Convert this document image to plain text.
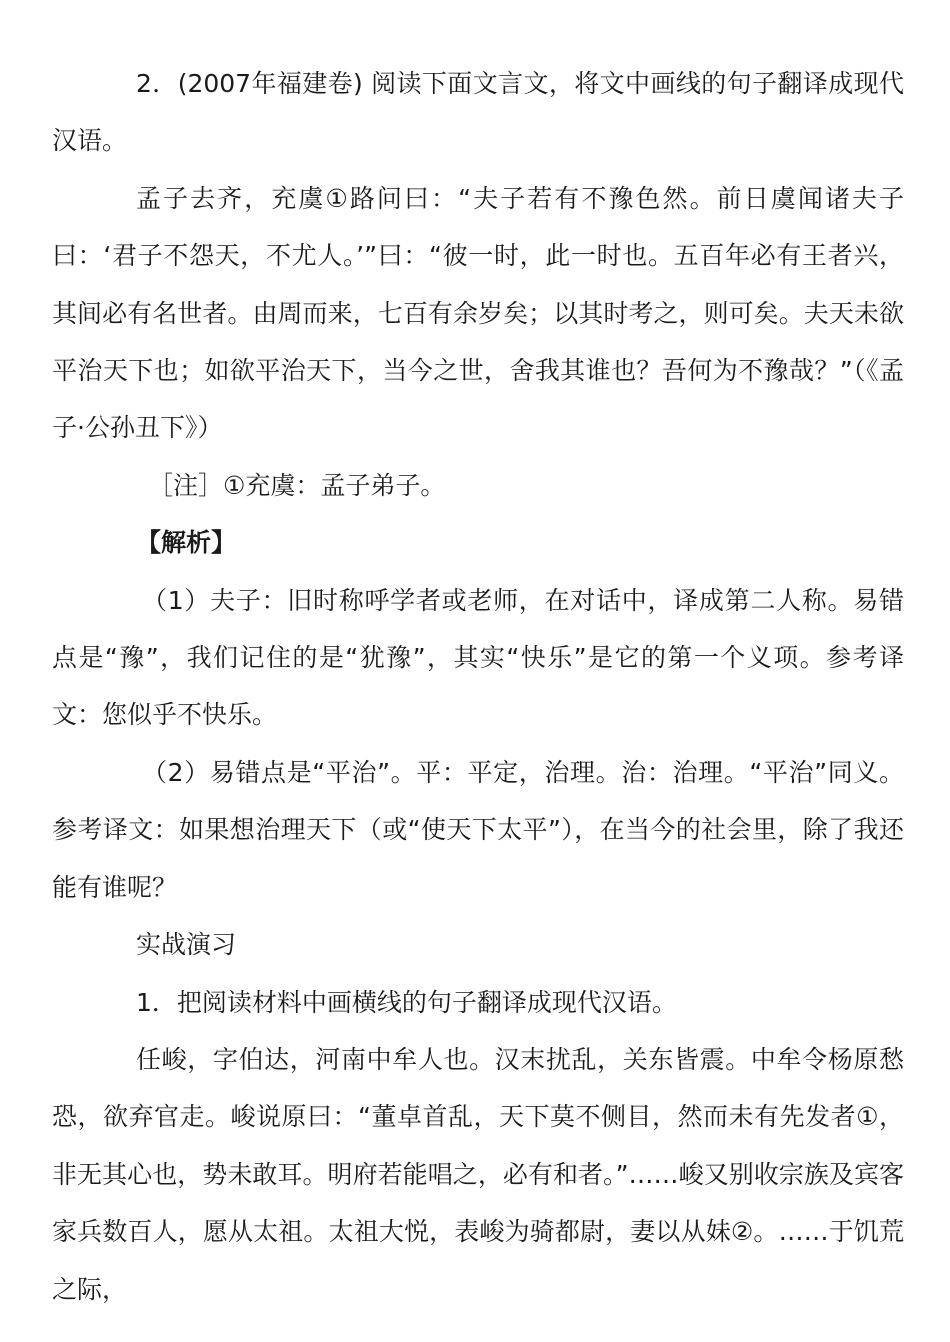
2．(2007年福建卷) 阅读下面文言文，将文中画线的句子翻译成现代汉语。

孟子去齐，充虞①路问曰：“夫子若有不豫色然。前日虞闻诸夫子曰：‘君子不怨天，不尤人。’”曰：“彼一时，此一时也。五百年必有王者兴，其间必有名世者。由周而来，七百有余岁矣；以其时考之，则可矣。夫天未欲平治天下也；如欲平治天下，当今之世，舍我其谁也？吾何为不豫哉？”（《孟子·公孙丑下》）

［注］①充虞：孟子弟子。

【解析】

（1）夫子：旧时称呼学者或老师，在对话中，译成第二人称。易错点是“豫”，我们记住的是“犹豫”，其实“快乐”是它的第一个义项。参考译文：您似乎不快乐。

（2）易错点是“平治”。平：平定，治理。治：治理。“平治”同义。参考译文：如果想治理天下（或“使天下太平”），在当今的社会里，除了我还能有谁呢？

实战演习

1．把阅读材料中画横线的句子翻译成现代汉语。

任峻，字伯达，河南中牟人也。汉末扰乱，关东皆震。中牟令杨原愁恐，欲弃官走。峻说原曰：“董卓首乱，天下莫不侧目，然而未有先发者①，非无其心也，势未敢耳。明府若能唱之，必有和者。”……峻又别收宗族及宾客家兵数百人，愿从太祖。太祖大悦，表峻为骑都尉，妻以从妹②。……于饥荒之际，
